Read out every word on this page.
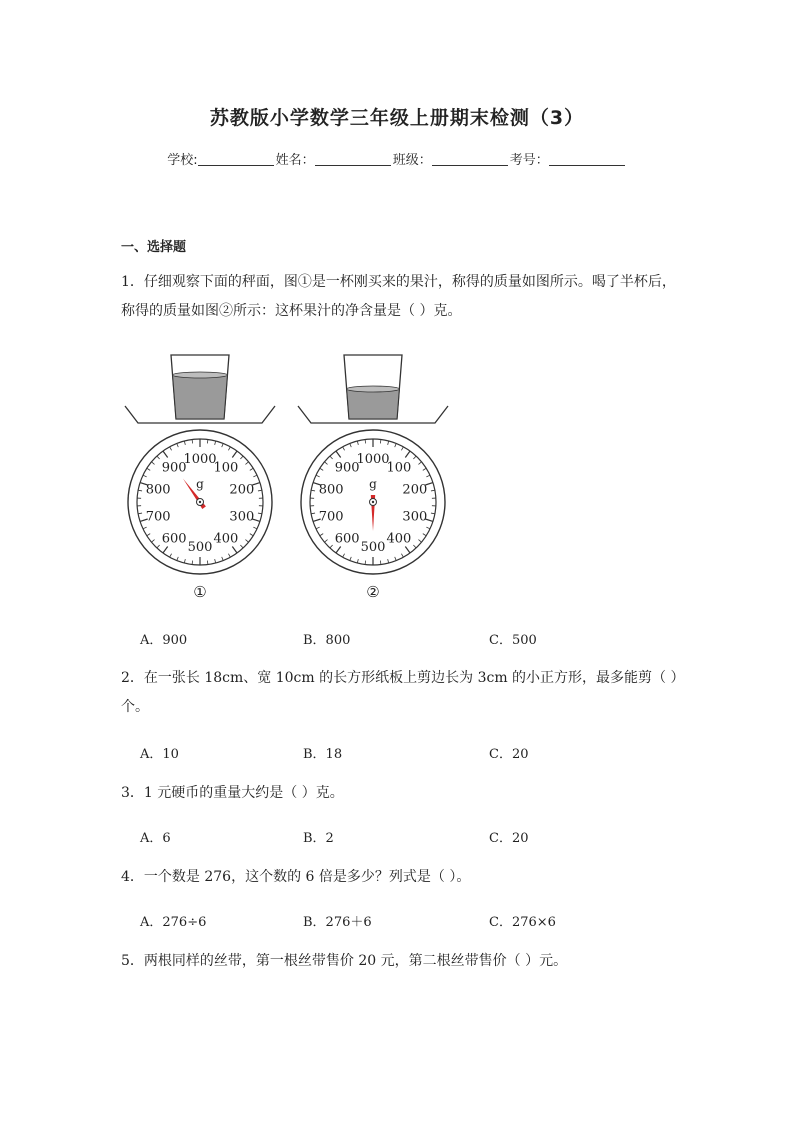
苏教版小学数学三年级上册期末检测（3）
学校:	姓名：	班级：	考号：
一、选择题
1．仔细观察下面的秤面，图①是一杯刚买来的果汁，称得的质量如图所示。喝了半杯后，
称得的质量如图②所示：这杯果汁的净含量是（ ）克。
1000
100
200
300
400
500
600
700
800
900
g
①
1000
100
200
300
400
500
600
700
800
900
g
②
A．900	B．800	C．500
2．在一张长 18cm、宽 10cm 的长方形纸板上剪边长为 3cm 的小正方形，最多能剪（ ）
个。
A．10	B．18	C．20
3．1 元硬币的重量大约是（ ）克。
A．6	B．2	C．20
4．一个数是 276，这个数的 6 倍是多少？列式是（ ）。
A．276÷6	B．276＋6	C．276×6
5．两根同样的丝带，第一根丝带售价 20 元，第二根丝带售价（ ）元。
